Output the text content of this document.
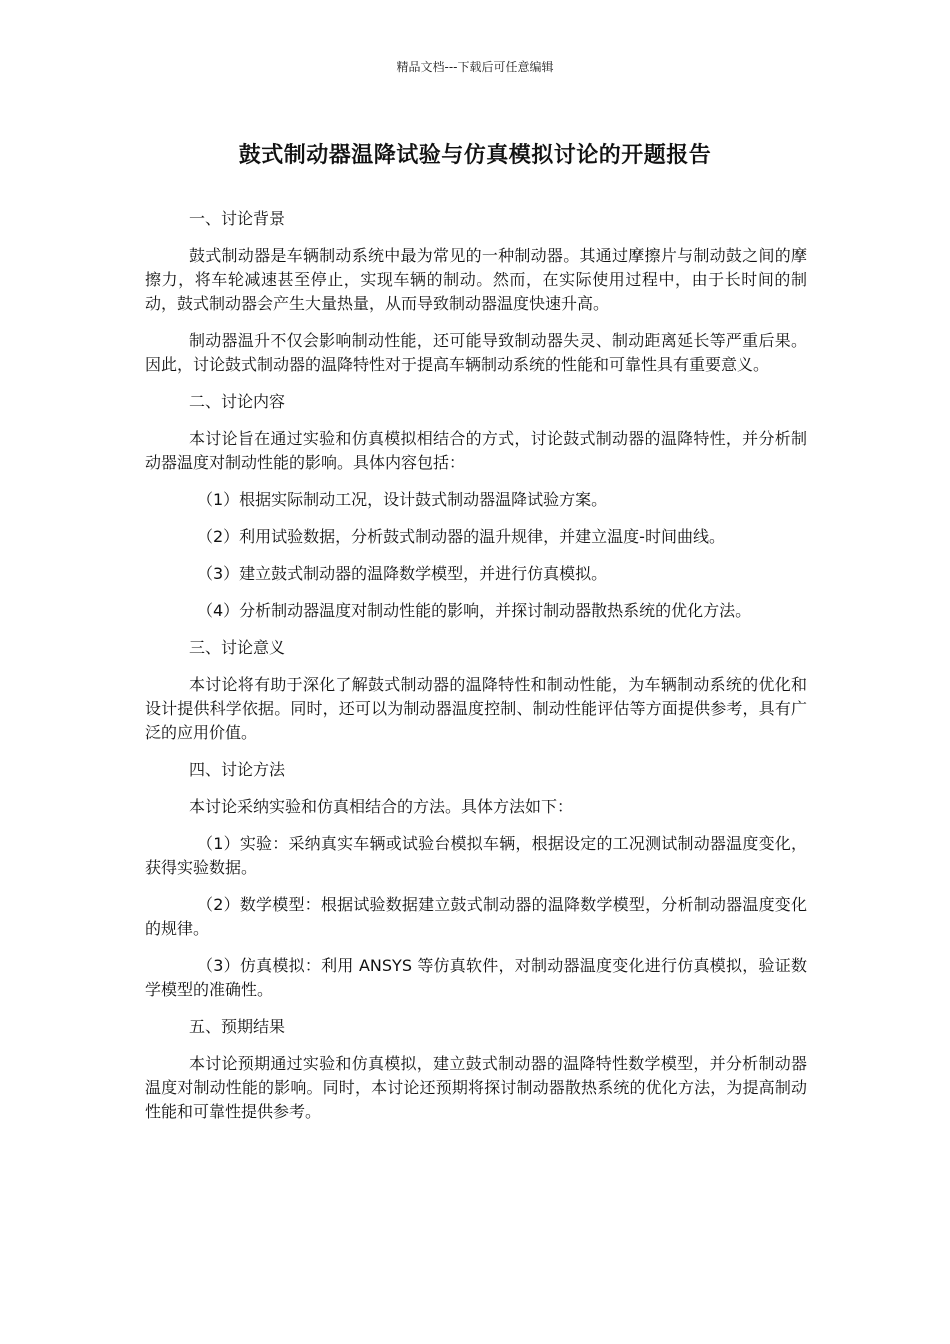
精品文档---下载后可任意编辑
鼓式制动器温降试验与仿真模拟讨论的开题报告

一、讨论背景

鼓式制动器是车辆制动系统中最为常见的一种制动器。其通过摩擦片与制动鼓之间的摩擦力，将车轮减速甚至停止，实现车辆的制动。然而，在实际使用过程中，由于长时间的制动，鼓式制动器会产生大量热量，从而导致制动器温度快速升高。

制动器温升不仅会影响制动性能，还可能导致制动器失灵、制动距离延长等严重后果。因此，讨论鼓式制动器的温降特性对于提高车辆制动系统的性能和可靠性具有重要意义。

二、讨论内容

本讨论旨在通过实验和仿真模拟相结合的方式，讨论鼓式制动器的温降特性，并分析制动器温度对制动性能的影响。具体内容包括：

（1）根据实际制动工况，设计鼓式制动器温降试验方案。

（2）利用试验数据，分析鼓式制动器的温升规律，并建立温度-时间曲线。

（3）建立鼓式制动器的温降数学模型，并进行仿真模拟。

（4）分析制动器温度对制动性能的影响，并探讨制动器散热系统的优化方法。

三、讨论意义

本讨论将有助于深化了解鼓式制动器的温降特性和制动性能，为车辆制动系统的优化和设计提供科学依据。同时，还可以为制动器温度控制、制动性能评估等方面提供参考，具有广泛的应用价值。

四、讨论方法

本讨论采纳实验和仿真相结合的方法。具体方法如下：

（1）实验：采纳真实车辆或试验台模拟车辆，根据设定的工况测试制动器温度变化，获得实验数据。

（2）数学模型：根据试验数据建立鼓式制动器的温降数学模型，分析制动器温度变化的规律。

（3）仿真模拟：利用 ANSYS 等仿真软件，对制动器温度变化进行仿真模拟，验证数学模型的准确性。

五、预期结果

本讨论预期通过实验和仿真模拟，建立鼓式制动器的温降特性数学模型，并分析制动器温度对制动性能的影响。同时，本讨论还预期将探讨制动器散热系统的优化方法，为提高制动性能和可靠性提供参考。
